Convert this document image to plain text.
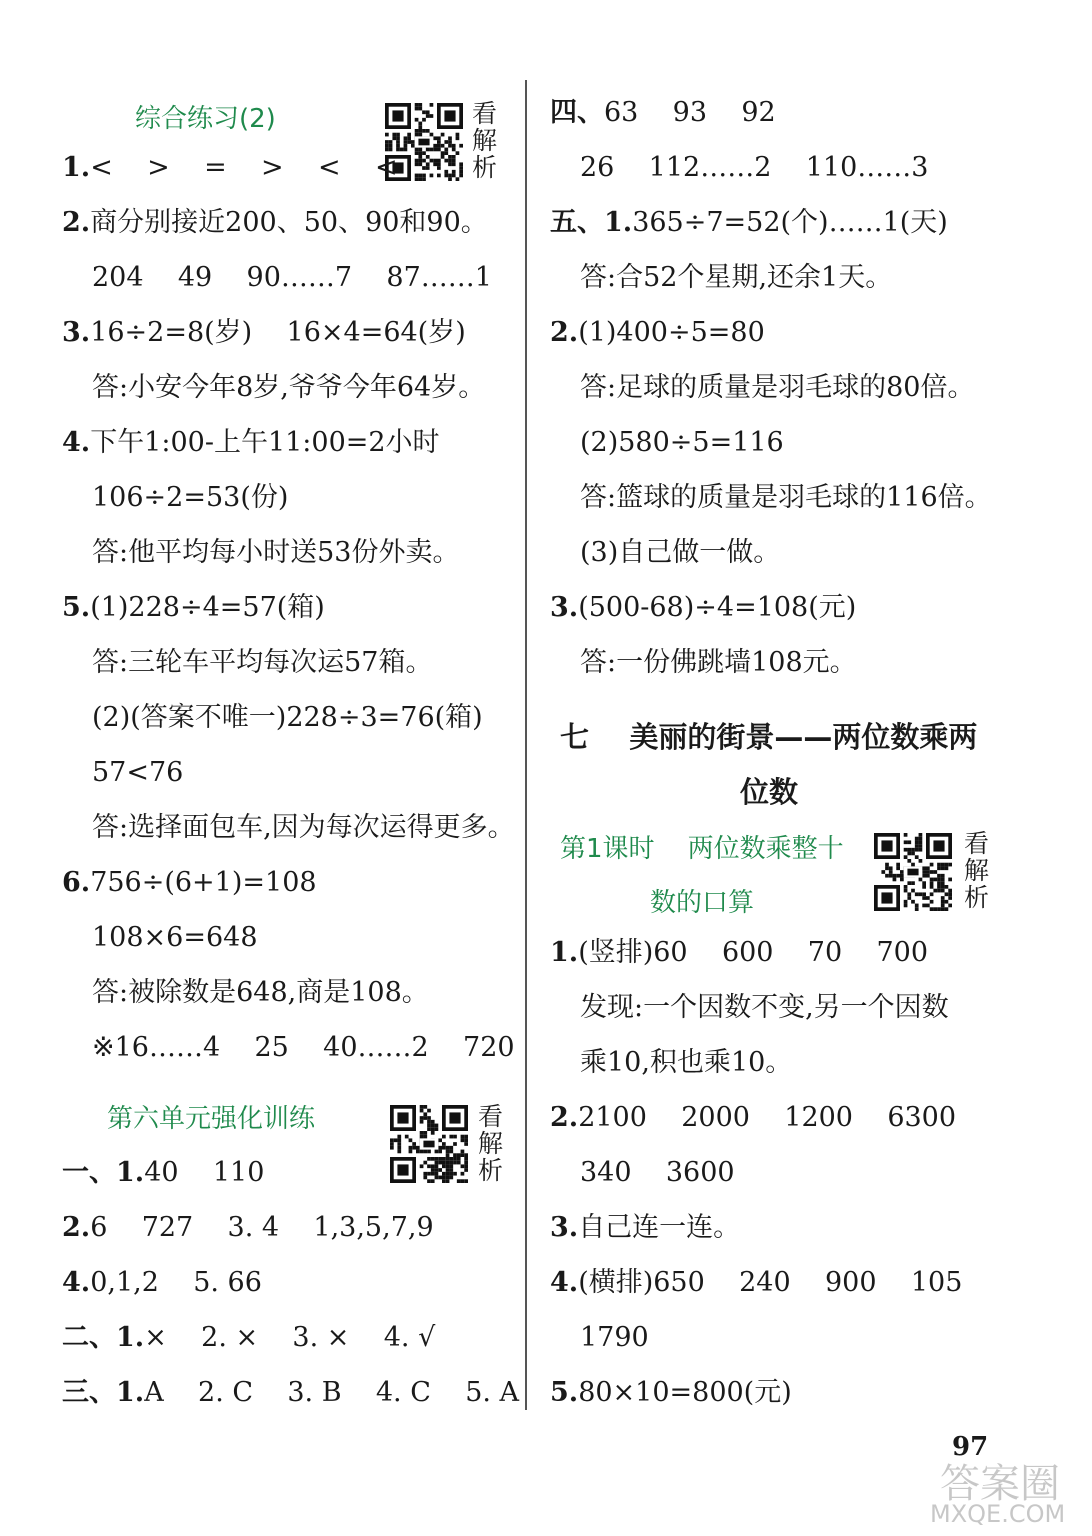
综合练习(2)	看
解
析
1.<    >    =    >    <    <
2.商分别接近200、50、90和90。
204    49    90……7    87……1
3.16÷2=8(岁)    16×4=64(岁)
答:小安今年8岁,爷爷今年64岁。
4.下午1:00-上午11:00=2小时
106÷2=53(份)
答:他平均每小时送53份外卖。
5.(1)228÷4=57(箱)
答:三轮车平均每次运57箱。
(2)(答案不唯一)228÷3=76(箱)
57<76
答:选择面包车,因为每次运得更多。
6.756÷(6+1)=108
108×6=648
答:被除数是648,商是108。
※16……4    25    40……2    720
第六单元强化训练	看
解
析
一、1.40    110
2.6    727    3. 4    1,3,5,7,9
4.0,1,2    5. 66
二、1.×    2. ×    3. ×    4. √
三、1.A    2. C    3. B    4. C    5. A
四、63    93    92
26    112……2    110……3
五、1.365÷7=52(个)……1(天)
答:合52个星期,还余1天。
2.(1)400÷5=80
答:足球的质量是羽毛球的80倍。
(2)580÷5=116
答:篮球的质量是羽毛球的116倍。
(3)自己做一做。
3.(500-68)÷4=108(元)
答:一份佛跳墙108元。
七    美丽的街景——两位数乘两
位数
第1课时    两位数乘整十
数的口算
看
解
析
1.(竖排)60    600    70    700
发现:一个因数不变,另一个因数
乘10,积也乘10。
2.2100    2000    1200    6300
340    3600
3.自己连一连。
4.(横排)650    240    900    105
1790
5.80×10=800(元)
97
答案圈
MXQE.COM
